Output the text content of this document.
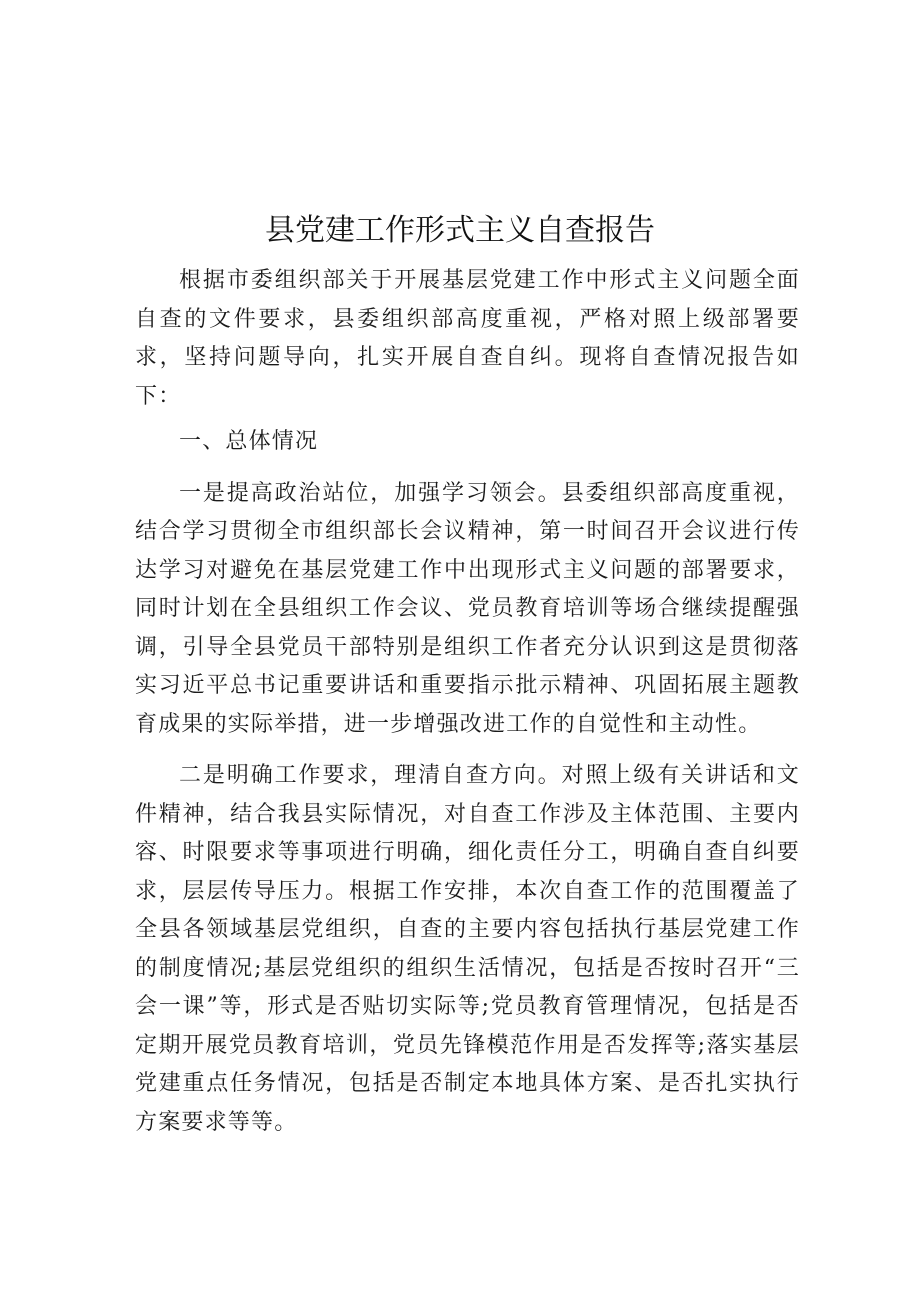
县党建工作形式主义自查报告

根据市委组织部关于开展基层党建工作中形式主义问题全面自查的文件要求，县委组织部高度重视，严格对照上级部署要求，坚持问题导向，扎实开展自查自纠。现将自查情况报告如下：

一、总体情况

一是提高政治站位，加强学习领会。县委组织部高度重视，结合学习贯彻全市组织部长会议精神，第一时间召开会议进行传达学习对避免在基层党建工作中出现形式主义问题的部署要求，同时计划在全县组织工作会议、党员教育培训等场合继续提醒强调，引导全县党员干部特别是组织工作者充分认识到这是贯彻落实习近平总书记重要讲话和重要指示批示精神、巩固拓展主题教育成果的实际举措，进一步增强改进工作的自觉性和主动性。

二是明确工作要求，理清自查方向。对照上级有关讲话和文件精神，结合我县实际情况，对自查工作涉及主体范围、主要内容、时限要求等事项进行明确，细化责任分工，明确自查自纠要求，层层传导压力。根据工作安排，本次自查工作的范围覆盖了全县各领域基层党组织，自查的主要内容包括执行基层党建工作的制度情况;基层党组织的组织生活情况，包括是否按时召开“三会一课”等，形式是否贴切实际等;党员教育管理情况，包括是否定期开展党员教育培训，党员先锋模范作用是否发挥等;落实基层党建重点任务情况，包括是否制定本地具体方案、是否扎实执行方案要求等等。
